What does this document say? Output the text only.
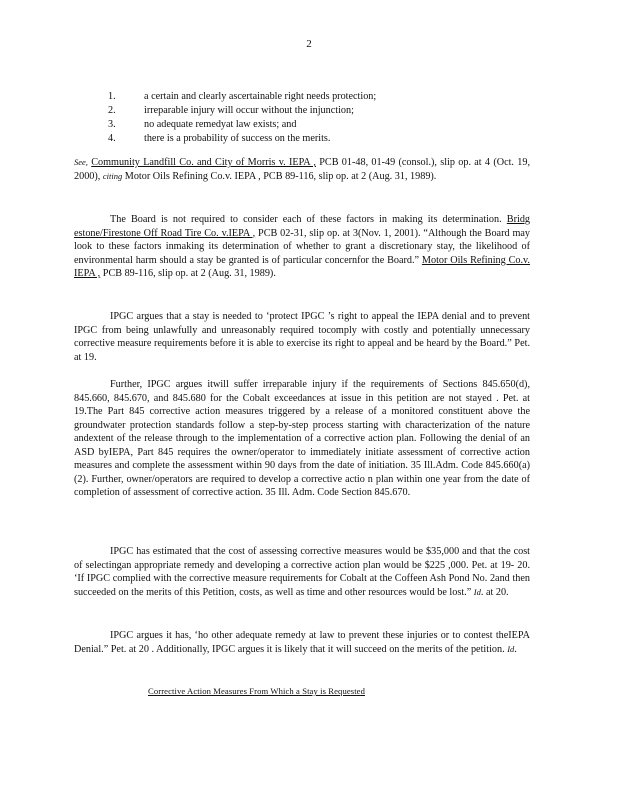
2
1.	a certain and clearly ascertainable right needs protection;
2.	irreparable injury will occur without the injunction;
3.	no adequate remedyat law exists; and
4.	there is a probability of success on the merits.

See, Community Landfill Co. and City of Morris v. IEPA , PCB 01-48, 01-49 (consol.), slip op. at 4 (Oct. 19, 2000), citing Motor Oils Refining Co.v. IEPA , PCB 89-116, slip op. at 2 (Aug. 31, 1989).

The Board is not required to consider each of these factors in making its determination. Bridg estone/Firestone Off Road Tire Co. v.IEPA , PCB 02-31, slip op. at 3(Nov. 1, 2001). “Although the Board may look to these factors inmaking its determination of whether to grant a discretionary stay, the likelihood of environmental harm should a stay be granted is of particular concernfor the Board.” Motor Oils Refining Co.v. IEPA , PCB 89-116, slip op. at 2 (Aug. 31, 1989).

IPGC argues that a stay is needed to ‘protect IPGC ’s right to appeal the IEPA denial and to prevent IPGC from being unlawfully and unreasonably required tocomply with costly and potentially unnecessary corrective measure requirements before it is able to exercise its right to appeal and be heard by the Board.” Pet. at 19.

Further, IPGC argues itwill suffer irreparable injury if the requirements of Sections 845.650(d), 845.660, 845.670, and 845.680 for the Cobalt exceedances at issue in this petition are not stayed . Pet. at 19.The Part 845 corrective action measures triggered by a release of a monitored constituent above the groundwater protection standards follow a step-by-step process starting with characterization of the nature andextent of the release through to the implementation of a corrective action plan. Following the denial of an ASD byIEPA, Part 845 requires the owner/operator to immediately initiate assessment of corrective action measures and complete the assessment within 90 days from the date of initiation. 35 Ill.Adm. Code 845.660(a)(2). Further, owner/operators are required to develop a corrective actio n plan within one year from the date of completion of assessment of corrective action. 35 Ill. Adm. Code Section 845.670.

IPGC has estimated that the cost of assessing corrective measures would be $35,000 and that the cost of selectingan appropriate remedy and developing a corrective action plan would be $225 ,000. Pet. at 19- 20. ‘If IPGC complied with the corrective measure requirements for Cobalt at the Coffeen Ash Pond No. 2and then succeeded on the merits of this Petition, costs, as well as time and other resources would be lost.” Id. at 20.

IPGC argues it has, ‘ho other adequate remedy at law to prevent these injuries or to contest theIEPA Denial.” Pet. at 20 . Additionally, IPGC argues it is likely that it will succeed on the merits of the petition. Id.

Corrective Action Measures From Which a Stay is Requested
